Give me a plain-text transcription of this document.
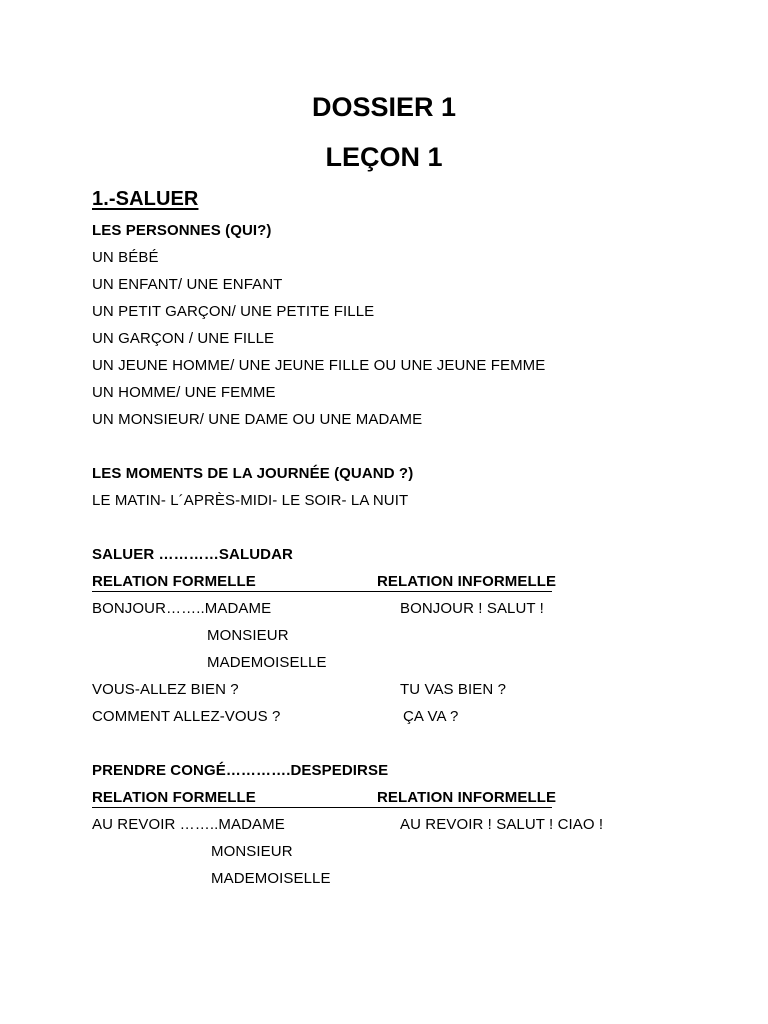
DOSSIER 1
LEÇON 1
1.-SALUER
LES PERSONNES (QUI?)
UN BÉBÉ
UN ENFANT/ UNE ENFANT
UN PETIT GARÇON/ UNE PETITE FILLE
UN GARÇON / UNE FILLE
UN JEUNE HOMME/ UNE JEUNE FILLE OU UNE JEUNE FEMME
UN HOMME/ UNE FEMME
UN MONSIEUR/ UNE DAME OU UNE MADAME
LES MOMENTS DE LA JOURNÉE (QUAND ?)
LE MATIN- L´APRÈS-MIDI- LE SOIR- LA NUIT
SALUER …………SALUDAR
RELATION FORMELLE	RELATION INFORMELLE
BONJOUR……..MADAME	BONJOUR ! SALUT !
MONSIEUR
MADEMOISELLE
VOUS-ALLEZ BIEN ?	TU VAS BIEN ?
COMMENT ALLEZ-VOUS ?	ÇA VA ?
PRENDRE CONGÉ………….DESPEDIRSE
RELATION FORMELLE	RELATION INFORMELLE
AU REVOIR ……..MADAME	AU REVOIR ! SALUT ! CIAO !
MONSIEUR
MADEMOISELLE
